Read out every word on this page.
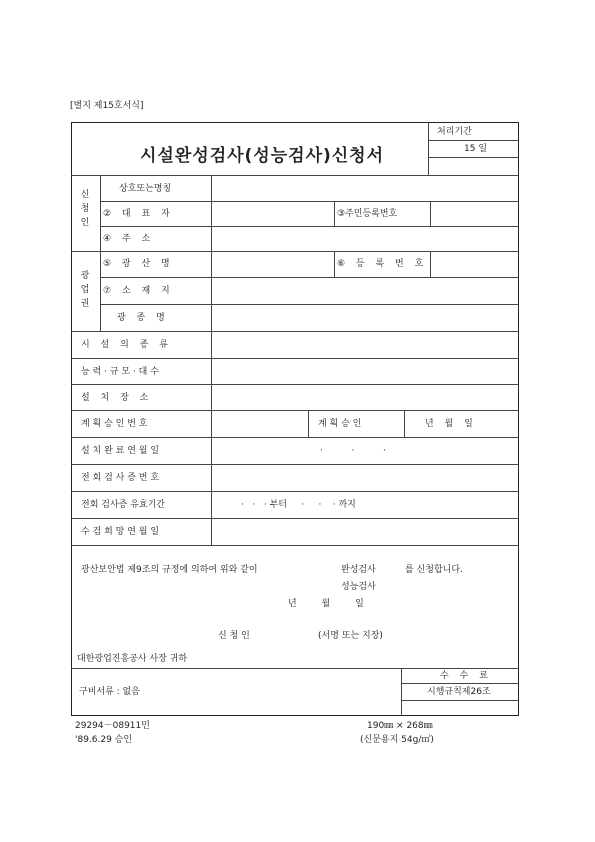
[별지 제15호서식]
시설완성검사(성능검사)신청서
처리기간
15 일
신청인
상호또는명칭
② 대 표 자	③주민등록번호
④ 주 소
광업권
⑤ 광 산 명	⑥ 등 록 번 호
⑦ 소 재 지
광 종 명
시 설 의 종 류
능 력 · 규 모 · 대 수
설 치 장 소
계 획 승 인 번 호	계 획 승 인	년 월 일
설 치 완 료 연 월 일	·          ·          ·
전 회 검 사 증 번 호
전회 검사증 유효기간	·   ·   · 부터     ·     ·    · 까지
수 검 희 망 연 월 일
광산보안법 제9조의 규정에 의하여 위와 같이	완성검사
성능검사
를 신청합니다.
년 월 일
신 청 인	(서명 또는 지장)
대한광업진흥공사 사장 귀하
구비서류 : 없음
수 수 료
시행규칙제26조
29294－08911민
'89.6.29 승인
190㎜ × 268㎜
(신문용지 54g/㎡)
